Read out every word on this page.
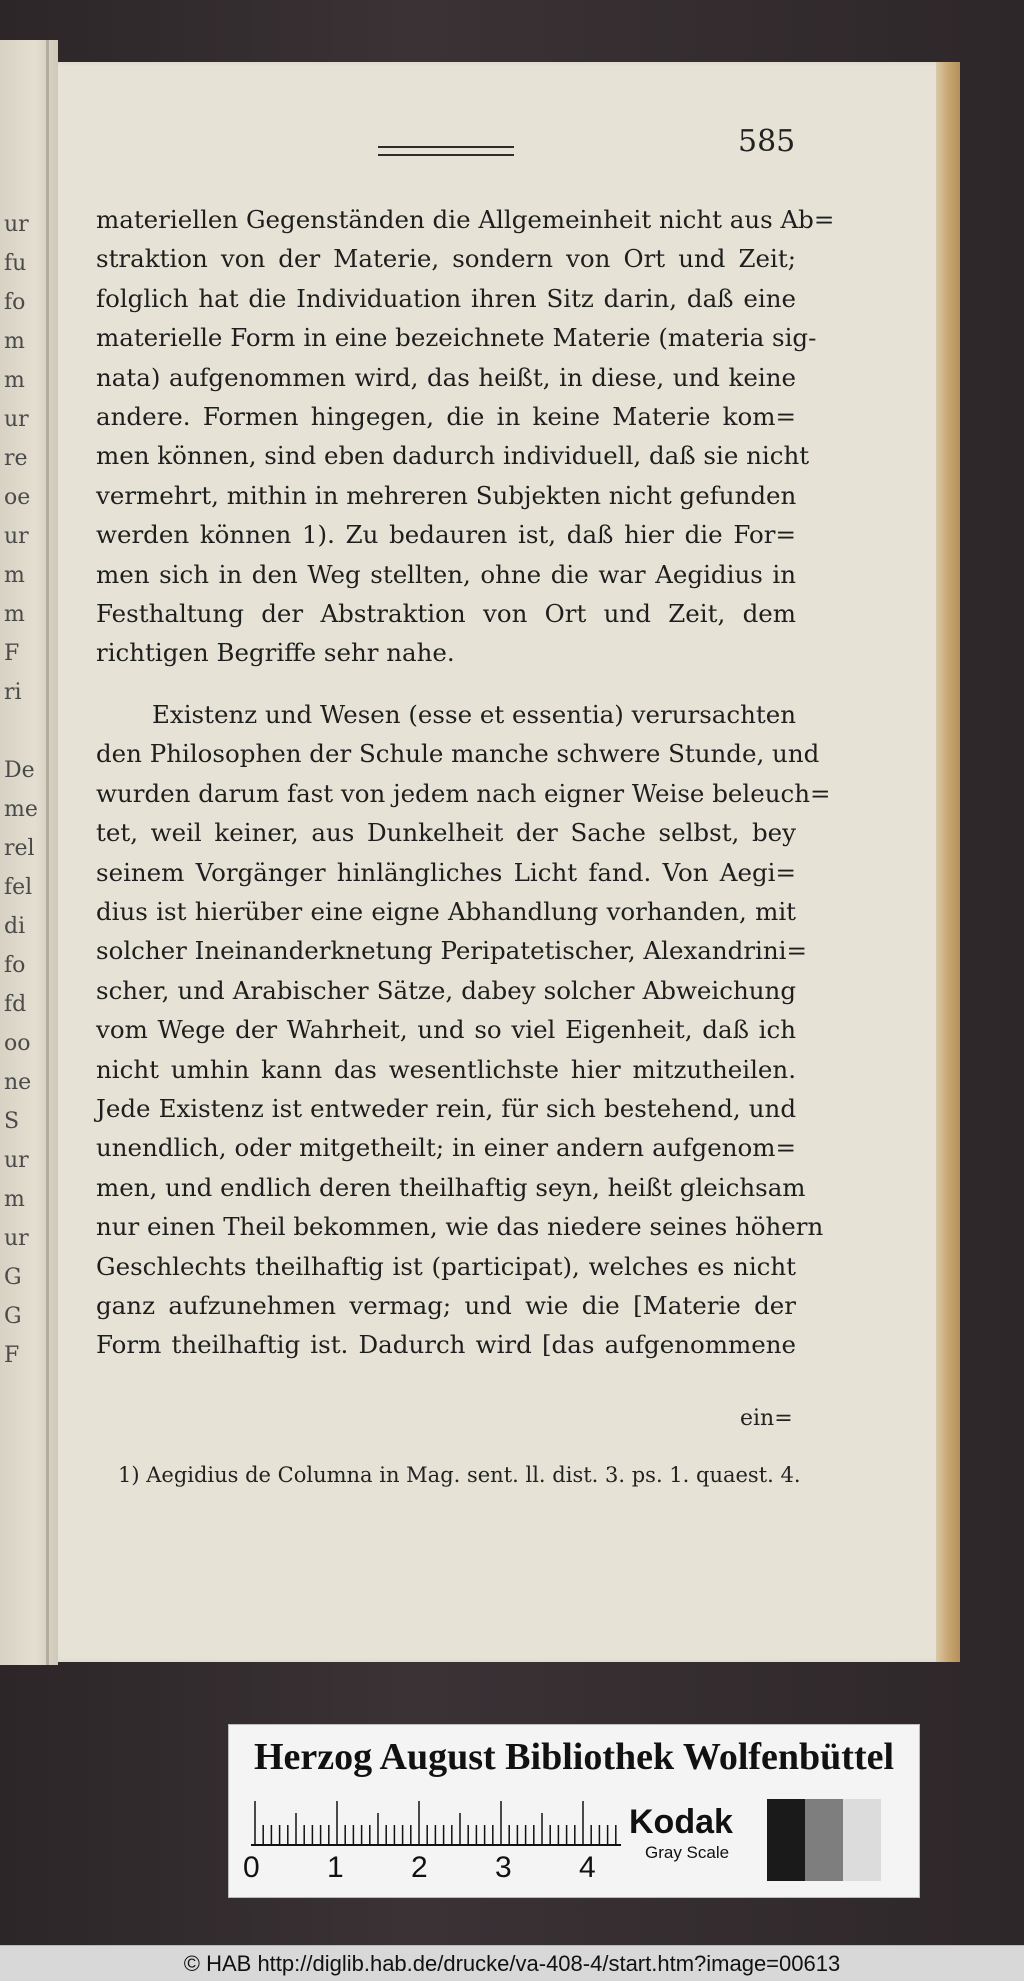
ur
fu
fo
m
m
ur
re
oe
ur
m
m
F
ri
De
me
rel
fel
di
fo
fd
oo
ne
S
ur
m
ur
G
G
F
585
materiellen Gegenständen die Allgemeinheit nicht aus Ab=
straktion von der Materie, sondern von Ort und Zeit;
folglich hat die Individuation ihren Sitz darin, daß eine
materielle Form in eine bezeichnete Materie (materia sig-
nata) aufgenommen wird, das heißt, in diese, und keine
andere. Formen hingegen, die in keine Materie kom=
men können, sind eben dadurch individuell, daß sie nicht
vermehrt, mithin in mehreren Subjekten nicht gefunden
werden können 1). Zu bedauren ist, daß hier die For=
men sich in den Weg stellten, ohne die war Aegidius in
Festhaltung der Abstraktion von Ort und Zeit, dem
richtigen Begriffe sehr nahe.
Existenz und Wesen (esse et essentia) verursachten
den Philosophen der Schule manche schwere Stunde, und
wurden darum fast von jedem nach eigner Weise beleuch=
tet, weil keiner, aus Dunkelheit der Sache selbst, bey
seinem Vorgänger hinlängliches Licht fand. Von Aegi=
dius ist hierüber eine eigne Abhandlung vorhanden, mit
solcher Ineinanderknetung Peripatetischer, Alexandrini=
scher, und Arabischer Sätze, dabey solcher Abweichung
vom Wege der Wahrheit, und so viel Eigenheit, daß ich
nicht umhin kann das wesentlichste hier mitzutheilen.
Jede Existenz ist entweder rein, für sich bestehend, und
unendlich, oder mitgetheilt; in einer andern aufgenom=
men, und endlich deren theilhaftig seyn, heißt gleichsam
nur einen Theil bekommen, wie das niedere seines höhern
Geschlechts theilhaftig ist (participat), welches es nicht
ganz aufzunehmen vermag; und wie die [Materie der
Form theilhaftig ist. Dadurch wird [das aufgenommene
ein=
1) Aegidius de Columna in Mag. sent. ll. dist. 3. ps. 1. quaest. 4.
Herzog August Bibliothek Wolfenbüttel
0 1 2 3 4
Kodak
Gray Scale
© HAB http://diglib.hab.de/drucke/va-408-4/start.htm?image=00613
